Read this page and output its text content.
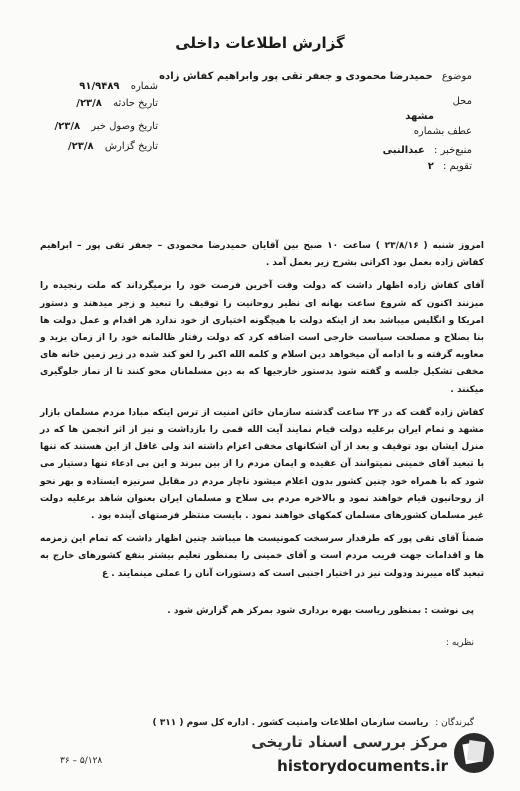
گزارش اطلاعات داخلی
موضوع حمیدرضا محمودی و جعفر تقی پور وابراهیم کفاش زاده
محل
مشهد
عطف بشماره
منبع‌خبر : عبدالنبی
تقویم : ۲
شماره ۹۱/۹۴۸۹
تاریخ حادثه ۲۳/۸/
تاریخ وصول خبر ۲۳/۸/
تاریخ گزارش ۲۳/۸/

امروز شنبه ( ۲۳/۸/۱۶ ) ساعت ۱۰ صبح بین آقایان حمیدرضا محمودی – جعفر تقی پور – ابراهیم کفاش زاده بعمل بود اکراتی بشرح زیر بعمل آمد .

آقای کفاش زاده اظهار داشت که دولت وقت آخرین فرصت خود را برمیگرداند که ملت رنجیده را میزنند اکنون که شروع ساعت بهانه ای نظیر روحانیت را توقیف را تبعید و زجر میدهند و دستور امریکا و انگلیس میباشد بعد از اینکه دولت با هیچگونه اختیاری از خود ندارد هر اقدام و عمل دولت ها بنا بصلاح و مصلحت سیاست خارجی است اضافه کرد که دولت رفتار ظالمانه خود را از زمان یزید و معاویه گرفته و با ادامه آن میخواهد دین اسلام و کلمه الله اکبر را لغو کند شده در زیر زمین خانه های مخفی تشکیل جلسه و گفته شود بدستور خارجیها که به دین مسلمانان محو کنند تا از نماز جلوگیری میکنند .

کفاش زاده گفت که در ۲۴ ساعت گذشته سازمان خائن امنیت از ترس اینکه مبادا مردم مسلمان بازار مشهد و تمام ایران برعلیه دولت قیام نمایند آیت الله قمی را بازداشت و نیز از اثر انجمن ها که در منزل ایشان بود توقیف و بعد از آن اشکانهای مخفی اعزام داشته اند ولی غافل از این هستند که تنها با تبعید آقای خمینی نمیتوانند آن عقیده و ایمان مردم را از بین ببرند و این بی ادعاء تنها دستیار می شود که با همراه خود چنین کشور بدون اعلام میشود ناچار مردم در مقابل سرنیزه ایستاده و بهر نحو از روحانیون قیام خواهند نمود و بالاخره مردم بی سلاح و مسلمان ایران بعنوان شاهد برعلیه دولت غیر مسلمان کشورهای مسلمان کمکهای خواهند نمود . بایست منتظر فرصتهای آینده بود .

ضمناً آقای تقی پور که طرفدار سرسخت کمونیست ها میباشد چنین اظهار داشت که تمام این زمزمه ها و اقدامات جهت فریب مردم است و آقای خمینی را بمنظور تعلیم بیشتر بنفع کشورهای خارج به تبعید گاه میبرند ودولت نیز در اختیار اجنبی است که دستورات آنان را عملی مینمایند . ع

پی نوشت : بمنظور ریاست بهره برداری شود بمرکز هم گزارش شود .
نظریه :
گیرندگان : ریاست سازمان اطلاعات وامنیت کشور . اداره کل سوم ( ۳۱۱ )
۳۶ – ۵/۱۲۸
مرکز بررسی اسناد تاریخی
historydocuments.ir
